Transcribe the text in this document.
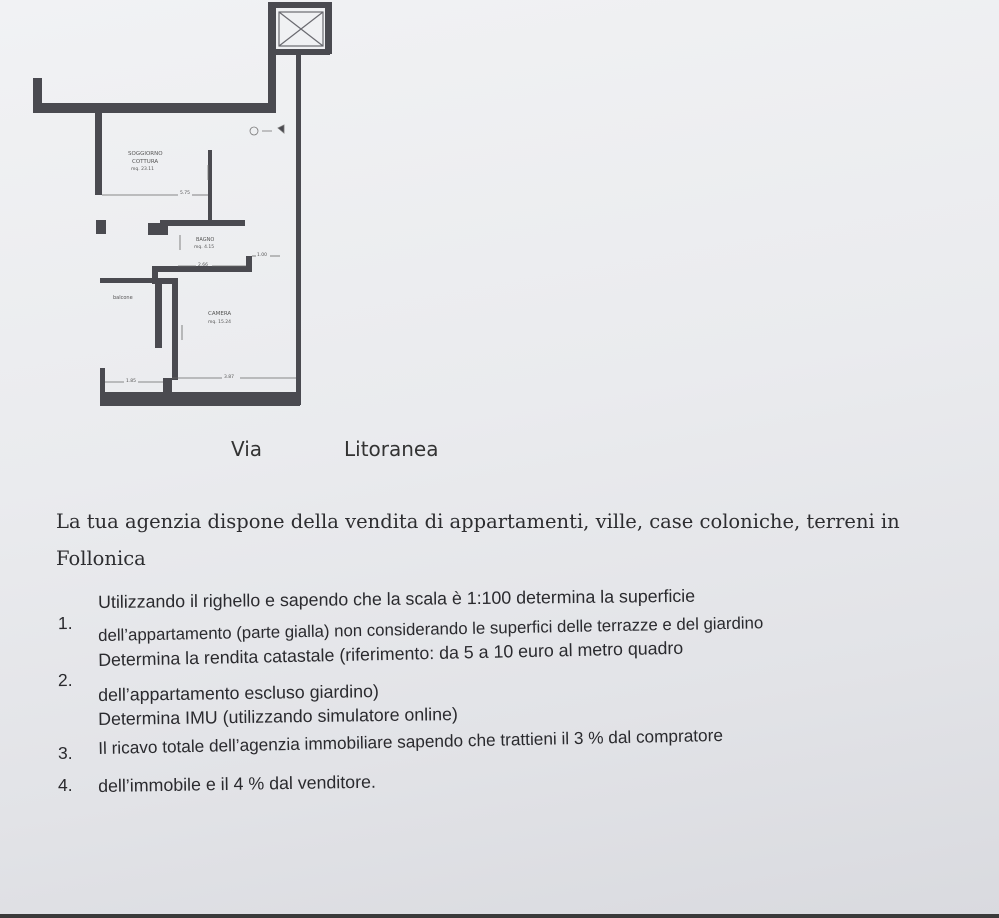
SOGGIORNO
COTTURA
mq. 23.11
5.75
BAGNO
mq. 4.15
2.66
1.00
balcone
CAMERA
mq. 15.24
1.85
3.87
Via	Litoranea

La tua agenzia dispone della vendita di appartamenti, ville, case coloniche, terreni in
Follonica

1.
Utilizzando il righello e sapendo che la scala è 1:100 determina la superficie
dell’appartamento (parte gialla) non considerando le superfici delle terrazze e del giardino
2.
Determina la rendita catastale (riferimento: da 5 a 10 euro al metro quadro
dell’appartamento escluso giardino)
3.
Determina IMU (utilizzando simulatore online)
4.
Il ricavo totale dell’agenzia immobiliare sapendo che trattieni il 3 % dal compratore
dell’immobile e il 4 % dal venditore.
